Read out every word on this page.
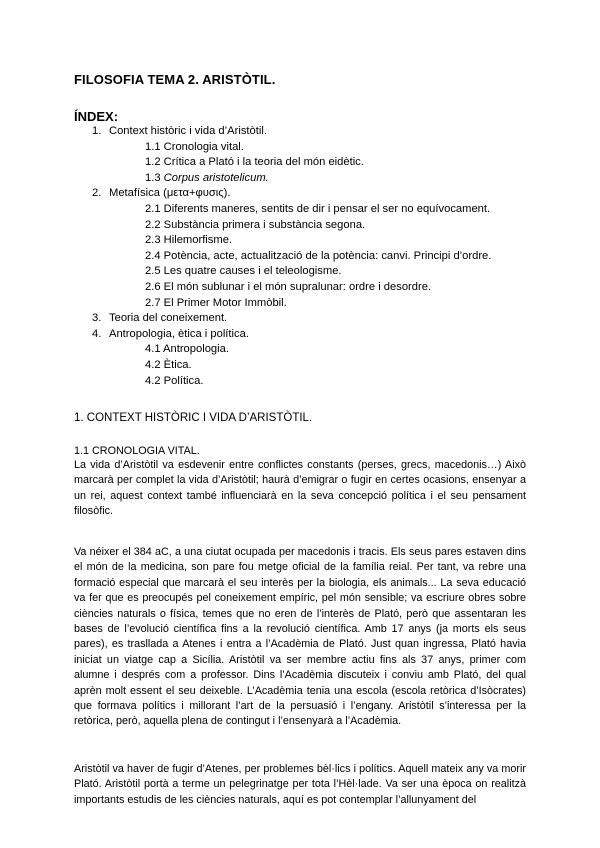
FILOSOFIA TEMA 2. ARISTÒTIL.
ÍNDEX:
1. Context històric i vida d’Aristòtil.
1.1 Cronologia vital.
1.2 Crítica a Plató i la teoria del món eidètic.
1.3 Corpus aristotelicum.
2. Metafísica (μετα+φυσις).
2.1 Diferents maneres, sentits de dir i pensar el ser no equívocament.
2.2 Substància primera i substància segona.
2.3 Hilemorfisme.
2.4 Potència, acte, actualització de la potència: canvi. Principi d’ordre.
2.5 Les quatre causes i el teleologisme.
2.6 El món sublunar i el món supralunar: ordre i desordre.
2.7 El Primer Motor Immòbil.
3. Teoria del coneixement.
4. Antropologia, ètica i política.
4.1 Antropologia.
4.2 Ètica.
4.2 Política.
1. CONTEXT HISTÒRIC I VIDA D’ARISTÒTIL.
1.1 CRONOLOGIA VITAL.
La vida d’Aristòtil va esdevenir entre conflictes constants (perses, grecs, macedonis…) Això marcarà per complet la vida d’Aristòtil; haurà d’emigrar o fugir en certes ocasions, ensenyar a un rei, aquest context també influenciarà en la seva concepció política i el seu pensament filosòfic.
Va néixer el 384 aC, a una ciutat ocupada per macedonis i tracis. Els seus pares estaven dins el món de la medicina, son pare fou metge oficial de la família reial. Per tant, va rebre una formació especial que marcarà el seu interès per la biologia, els animals... La seva educació va fer que es preocupés pel coneixement empíric, pel món sensible; va escriure obres sobre ciències naturals o física, temes que no eren de l’interès de Plató, però que assentaran les bases de l’evolució científica fins a la revolució científica. Amb 17 anys (ja morts els seus pares), es trasllada a Atenes i entra a l’Acadèmia de Plató. Just quan ingressa, Plató havia iniciat un viatge cap a Sicília. Aristòtil va ser membre actiu fins als 37 anys, primer com alumne i després com a professor. Dins l’Acadèmia discuteix i conviu amb Plató, del qual aprèn molt essent el seu deixeble. L’Acadèmia tenia una escola (escola retòrica d’Isòcrates) que formava polítics i millorant l’art de la persuasió i l’engany. Aristòtil s’interessa per la retòrica, però, aquella plena de contingut i l’ensenyarà a l’Acadèmia.
Aristòtil va haver de fugir d’Atenes, per problemes bèl·lics i polítics. Aquell mateix any va morir Plató. Aristòtil portà a terme un pelegrinatge per tota l’Hèl·lade. Va ser una època on realitzà importants estudis de les ciències naturals, aquí es pot contemplar l’allunyament del
